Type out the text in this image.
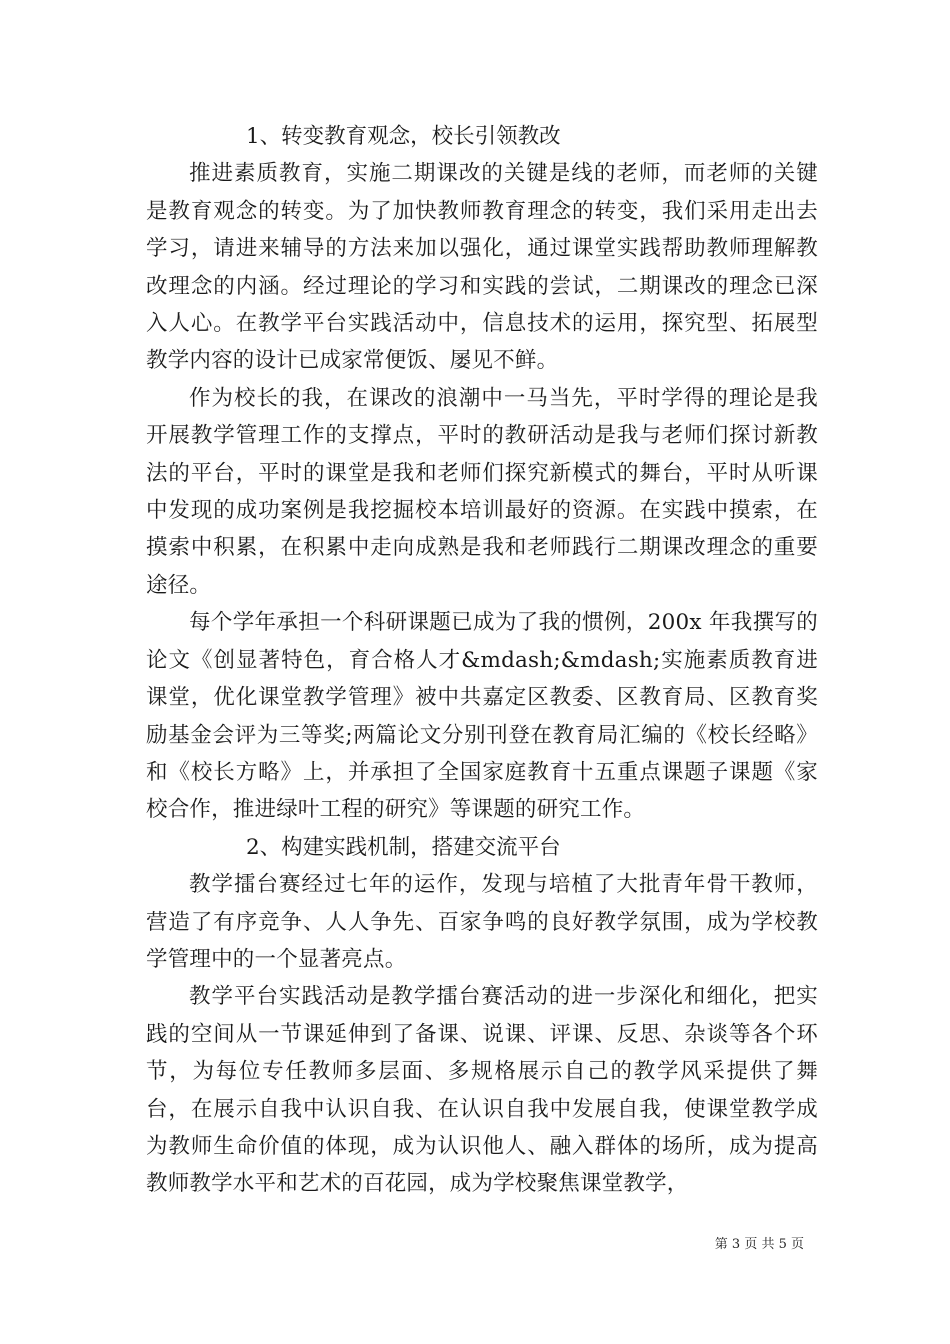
1、转变教育观念，校长引领教改

推进素质教育，实施二期课改的关键是线的老师，而老师的关键是教育观念的转变。为了加快教师教育理念的转变，我们采用走出去学习，请进来辅导的方法来加以强化，通过课堂实践帮助教师理解教改理念的内涵。经过理论的学习和实践的尝试，二期课改的理念已深入人心。在教学平台实践活动中，信息技术的运用，探究型、拓展型教学内容的设计已成家常便饭、屡见不鲜。

作为校长的我，在课改的浪潮中一马当先，平时学得的理论是我开展教学管理工作的支撑点，平时的教研活动是我与老师们探讨新教法的平台，平时的课堂是我和老师们探究新模式的舞台，平时从听课中发现的成功案例是我挖掘校本培训最好的资源。在实践中摸索，在摸索中积累，在积累中走向成熟是我和老师践行二期课改理念的重要途径。

每个学年承担一个科研课题已成为了我的惯例，200x 年我撰写的论文《创显著特色，育合格人才&mdash;&mdash;实施素质教育进课堂，优化课堂教学管理》被中共嘉定区教委、区教育局、区教育奖励基金会评为三等奖;两篇论文分别刊登在教育局汇编的《校长经略》和《校长方略》上，并承担了全国家庭教育十五重点课题子课题《家校合作，推进绿叶工程的研究》等课题的研究工作。

2、构建实践机制，搭建交流平台

教学擂台赛经过七年的运作，发现与培植了大批青年骨干教师，营造了有序竞争、人人争先、百家争鸣的良好教学氛围，成为学校教学管理中的一个显著亮点。

教学平台实践活动是教学擂台赛活动的进一步深化和细化，把实践的空间从一节课延伸到了备课、说课、评课、反思、杂谈等各个环节，为每位专任教师多层面、多规格展示自己的教学风采提供了舞台，在展示自我中认识自我、在认识自我中发展自我，使课堂教学成为教师生命价值的体现，成为认识他人、融入群体的场所，成为提高教师教学水平和艺术的百花园，成为学校聚焦课堂教学，

第 3 页 共 5 页
